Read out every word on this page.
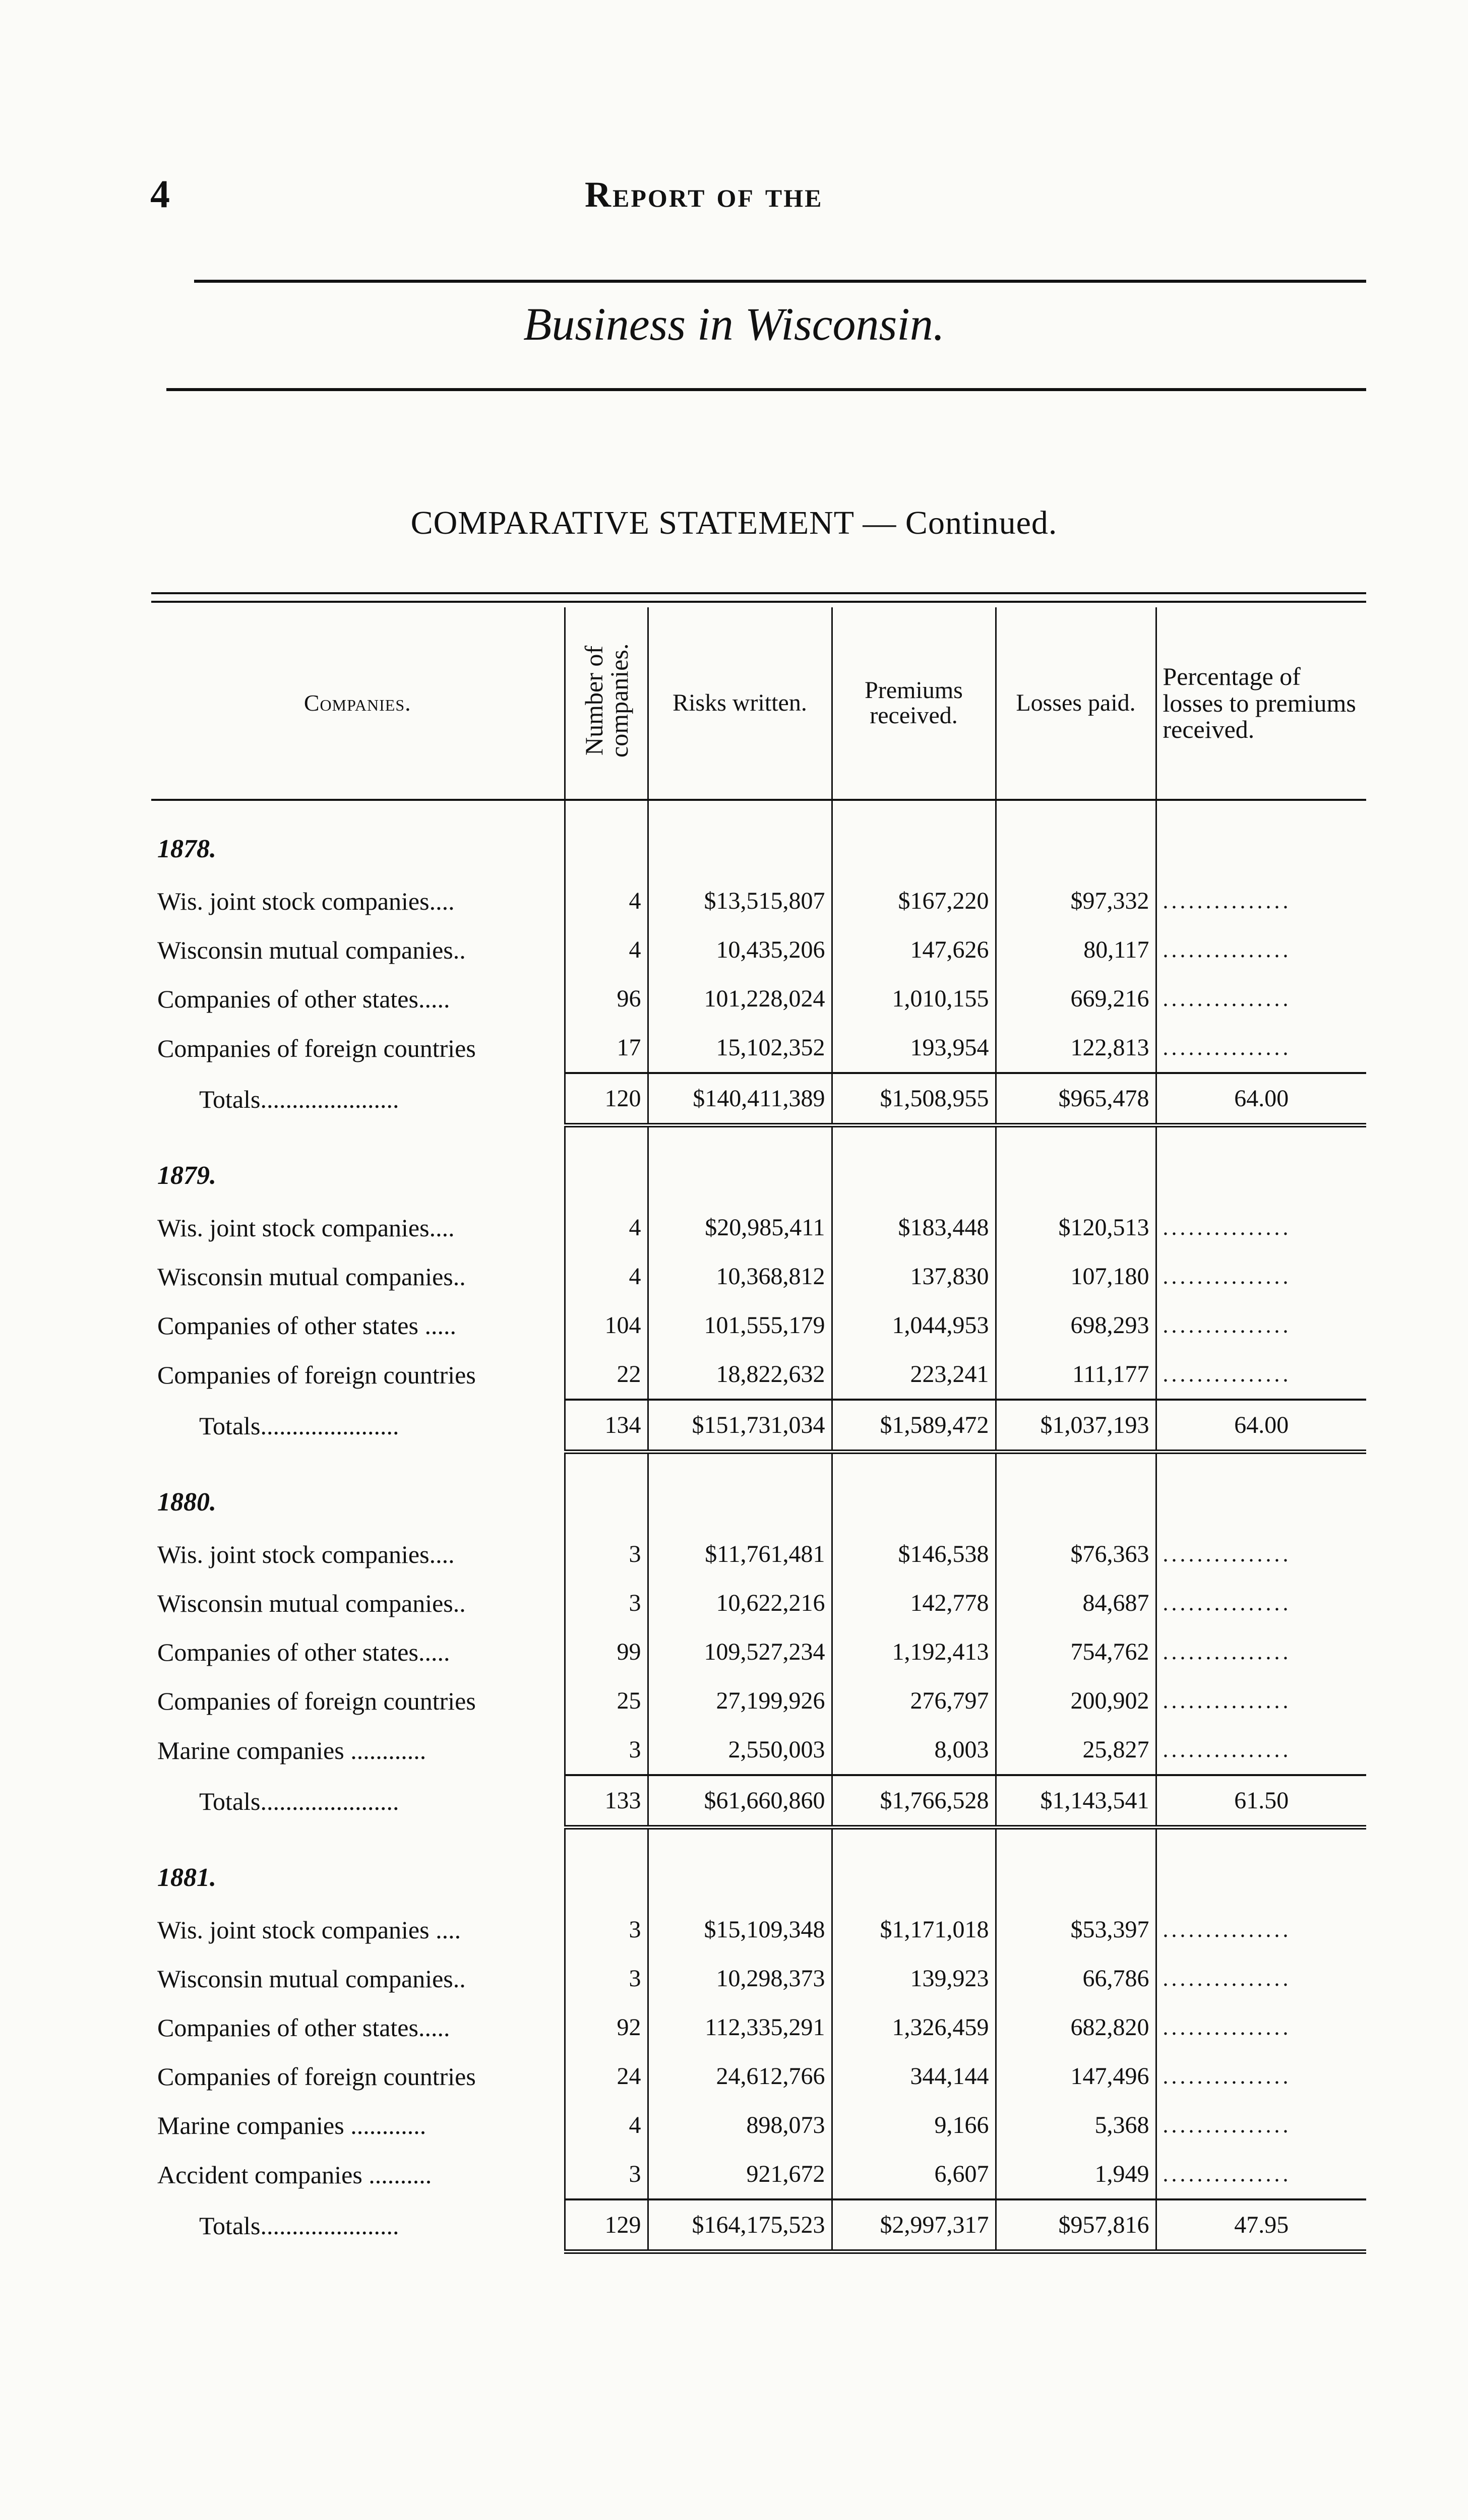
4	Report of the
Business in Wisconsin.
COMPARATIVE STATEMENT — Continued.
Companies.	Number of companies.	Risks written.	Premiums received.	Losses paid.	Percentage of losses to premiums received.

1878.					
Wis. joint stock companies....	4	$13,515,807	$167,220	$97,332	...............
Wisconsin mutual companies..	4	10,435,206	147,626	80,117	...............
Companies of other states.....	96	101,228,024	1,010,155	669,216	...............
Companies of foreign countries	17	15,102,352	193,954	122,813	...............
Totals......................	120	$140,411,389	$1,508,955	$965,478	64.00

1879.					
Wis. joint stock companies....	4	$20,985,411	$183,448	$120,513	...............
Wisconsin mutual companies..	4	10,368,812	137,830	107,180	...............
Companies of other states .....	104	101,555,179	1,044,953	698,293	...............
Companies of foreign countries	22	18,822,632	223,241	111,177	...............
Totals......................	134	$151,731,034	$1,589,472	$1,037,193	64.00

1880.					
Wis. joint stock companies....	3	$11,761,481	$146,538	$76,363	...............
Wisconsin mutual companies..	3	10,622,216	142,778	84,687	...............
Companies of other states.....	99	109,527,234	1,192,413	754,762	...............
Companies of foreign countries	25	27,199,926	276,797	200,902	...............
Marine companies ............	3	2,550,003	8,003	25,827	...............
Totals......................	133	$61,660,860	$1,766,528	$1,143,541	61.50

1881.					
Wis. joint stock companies ....	3	$15,109,348	$1,171,018	$53,397	...............
Wisconsin mutual companies..	3	10,298,373	139,923	66,786	...............
Companies of other states.....	92	112,335,291	1,326,459	682,820	...............
Companies of foreign countries	24	24,612,766	344,144	147,496	...............
Marine companies ............	4	898,073	9,166	5,368	...............
Accident companies ..........	3	921,672	6,607	1,949	...............
Totals......................	129	$164,175,523	$2,997,317	$957,816	47.95
